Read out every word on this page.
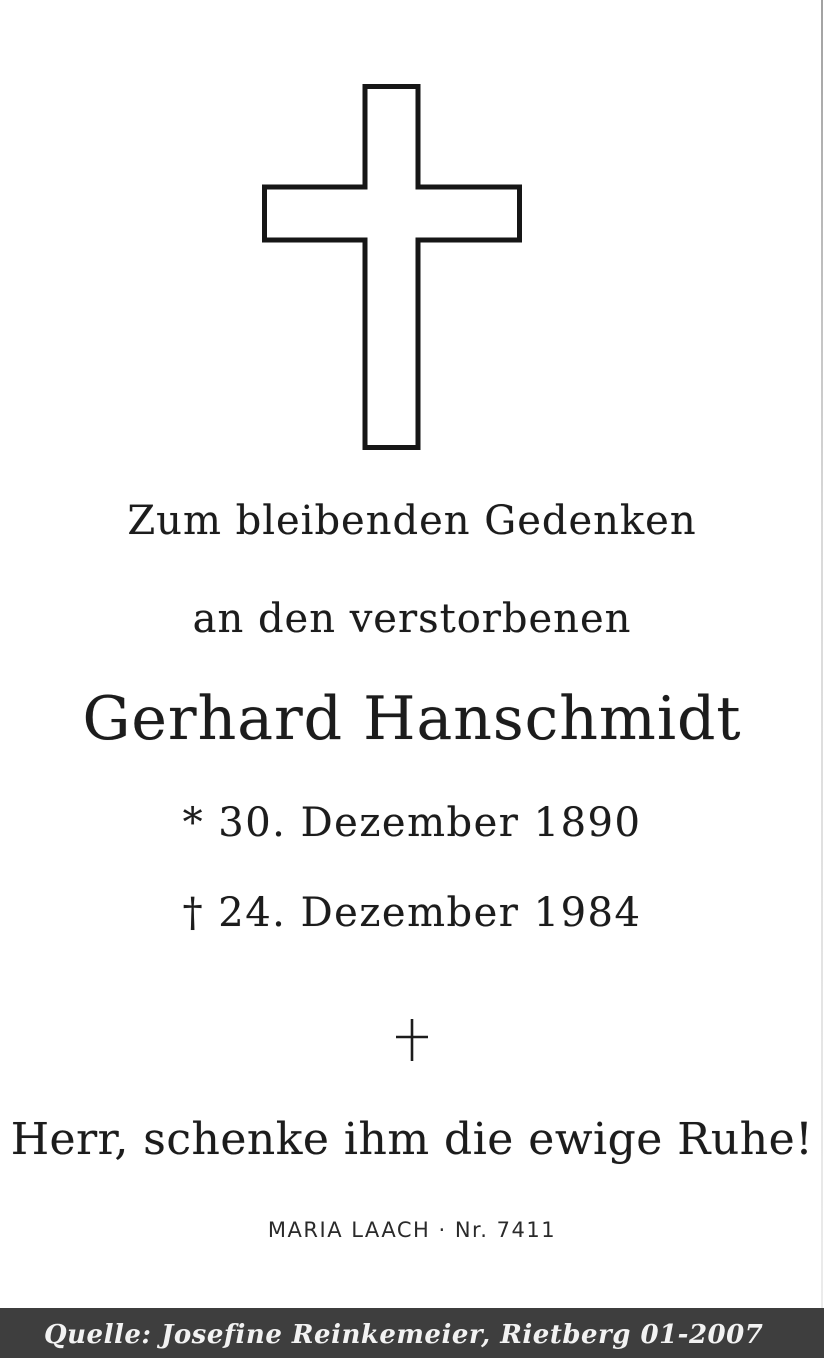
Zum bleibenden Gedenken
an den verstorbenen
Gerhard Hanschmidt
* 30. Dezember 1890
† 24. Dezember 1984
Herr, schenke ihm die ewige Ruhe!
MARIA LAACH · Nr. 7411
Quelle: Josefine Reinkemeier, Rietberg 01-2007
